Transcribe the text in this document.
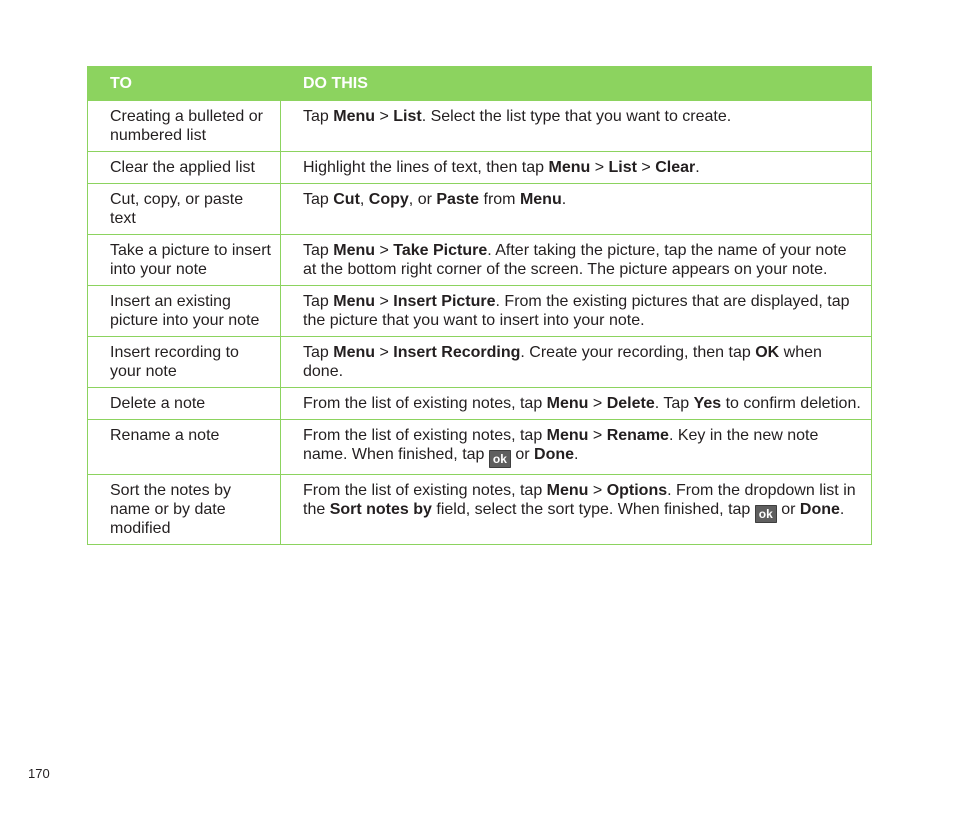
TO	DO THIS
Creating a bulleted or numbered list	Tap Menu > List. Select the list type that you want to create.
Clear the applied list	Highlight the lines of text, then tap Menu > List > Clear.
Cut, copy, or paste text	Tap Cut, Copy, or Paste from Menu.
Take a picture to insert into your note	Tap Menu > Take Picture. After taking the picture, tap the name of your note at the bottom right corner of the screen. The picture appears on your note.
Insert an existing picture into your note	Tap Menu > Insert Picture. From the existing pictures that are displayed, tap the picture that you want to insert into your note.
Insert recording to your note	Tap Menu > Insert Recording. Create your recording, then tap OK when done.
Delete a note	From the list of existing notes, tap Menu > Delete. Tap Yes to confirm deletion.
Rename a note	From the list of existing notes, tap Menu > Rename. Key in the new note name. When finished, tap ok or Done.
Sort the notes by name or by date modified	From the list of existing notes, tap Menu > Options. From the dropdown list in the Sort notes by field, select the sort type. When finished, tap ok or Done.
170
